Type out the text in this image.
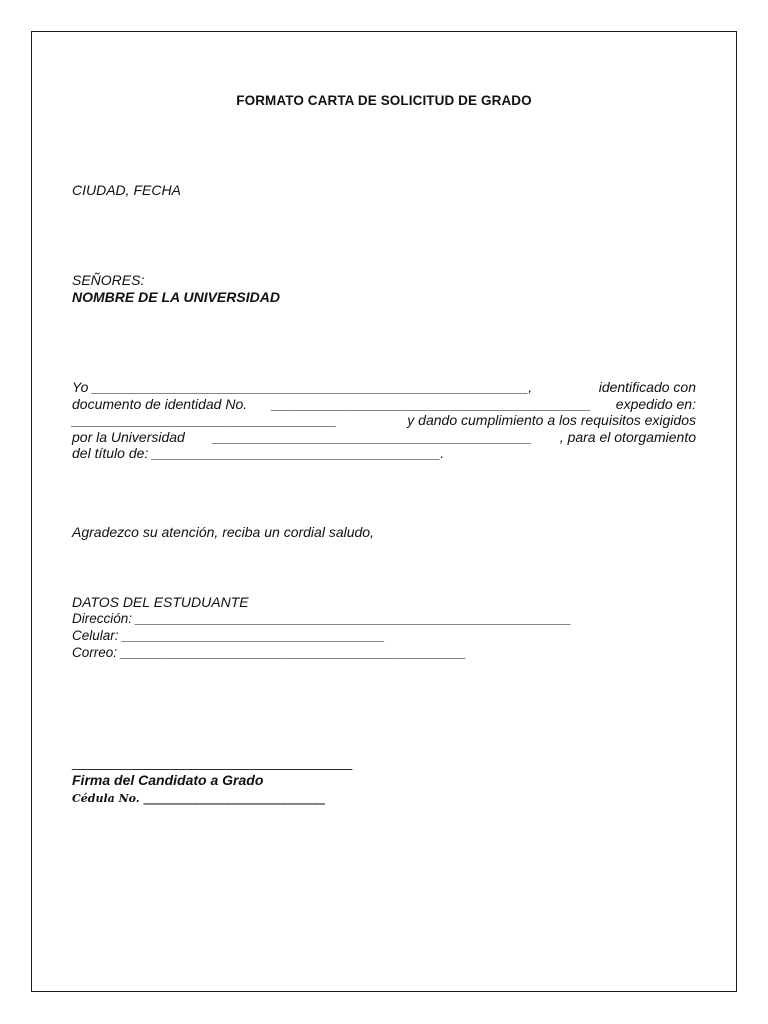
FORMATO CARTA DE SOLICITUD DE GRADO
CIUDAD, FECHA
SEÑORES:
NOMBRE DE LA UNIVERSIDAD
Yo ________________________________________________________,	identificado con
documento de identidad No. _________________________________________ expedido en:
__________________________________	y dando cumplimiento a los requisitos exigidos
por la Universidad _________________________________________ , para el otorgamiento
del título de: _____________________________________.
Agradezco su atención, reciba un cordial saludo,
DATOS DEL ESTUDUANTE
Dirección: __________________________________________________________
Celular: ___________________________________
Correo: ______________________________________________
____________________________________
Firma del Candidato a Grado
Cédula No. _________________________________
